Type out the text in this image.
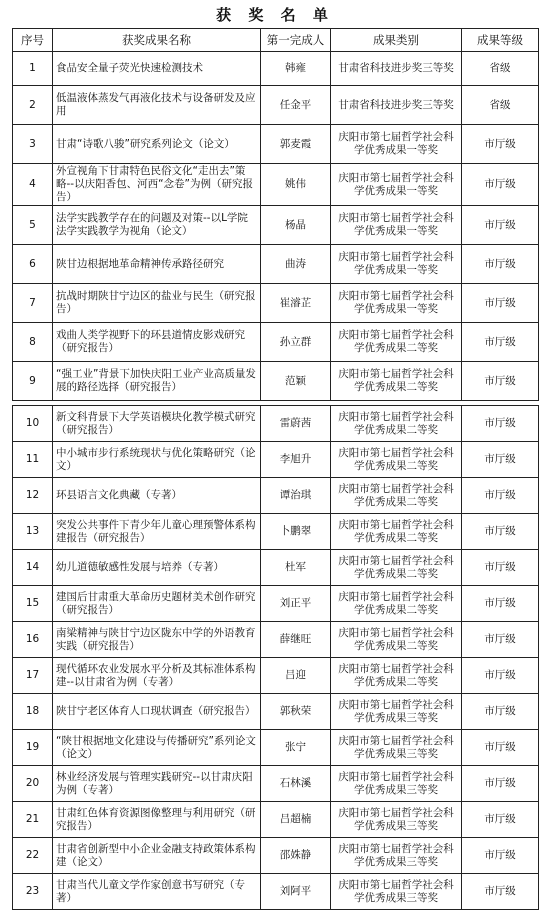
获 奖 名 单
序号	获奖成果名称	第一完成人	成果类别	成果等级
1	食品安全量子荧光快速检测技术	韩雍	甘肃省科技进步奖三等奖	省级
2	低温液体蒸发气再液化技术与设备研发及应用	任金平	甘肃省科技进步奖三等奖	省级
3	甘肃“诗歌八骏”研究系列论文（论文）	郭麦霞	庆阳市第七届哲学社会科学优秀成果一等奖	市厅级
4	外宣视角下甘肃特色民俗文化“走出去”策略--以庆阳香包、河西“念卷”为例（研究报告）	姚伟	庆阳市第七届哲学社会科学优秀成果一等奖	市厅级
5	法学实践教学存在的问题及对策--以L学院法学实践教学为视角（论文）	杨晶	庆阳市第七届哲学社会科学优秀成果一等奖	市厅级
6	陕甘边根据地革命精神传承路径研究	曲涛	庆阳市第七届哲学社会科学优秀成果一等奖	市厅级
7	抗战时期陕甘宁边区的盐业与民生（研究报告）	崔濬芷	庆阳市第七届哲学社会科学优秀成果一等奖	市厅级
8	戏曲人类学视野下的环县道情皮影戏研究（研究报告）	孙立群	庆阳市第七届哲学社会科学优秀成果二等奖	市厅级
9	“强工业”背景下加快庆阳工业产业高质量发展的路径选择（研究报告）	范颖	庆阳市第七届哲学社会科学优秀成果二等奖	市厅级
10	新文科背景下大学英语模块化教学模式研究（研究报告）	雷蔚茜	庆阳市第七届哲学社会科学优秀成果二等奖	市厅级
11	中小城市步行系统现状与优化策略研究（论文）	李旭升	庆阳市第七届哲学社会科学优秀成果二等奖	市厅级
12	环县语言文化典藏（专著）	谭治琪	庆阳市第七届哲学社会科学优秀成果二等奖	市厅级
13	突发公共事件下青少年儿童心理预警体系构建报告（研究报告）	卜鹏翠	庆阳市第七届哲学社会科学优秀成果二等奖	市厅级
14	幼儿道德敏感性发展与培养（专著）	杜军	庆阳市第七届哲学社会科学优秀成果二等奖	市厅级
15	建国后甘肃重大革命历史题材美术创作研究（研究报告）	刘正平	庆阳市第七届哲学社会科学优秀成果二等奖	市厅级
16	南梁精神与陕甘宁边区陇东中学的外语教育实践（研究报告）	薛继旺	庆阳市第七届哲学社会科学优秀成果二等奖	市厅级
17	现代循环农业发展水平分析及其标准体系构建--以甘肃省为例（专著）	吕迎	庆阳市第七届哲学社会科学优秀成果二等奖	市厅级
18	陕甘宁老区体育人口现状调查（研究报告）	郭秋荣	庆阳市第七届哲学社会科学优秀成果三等奖	市厅级
19	“陕甘根据地文化建设与传播研究”系列论文（论文）	张宁	庆阳市第七届哲学社会科学优秀成果三等奖	市厅级
20	林业经济发展与管理实践研究--以甘肃庆阳为例（专著）	石林溪	庆阳市第七届哲学社会科学优秀成果三等奖	市厅级
21	甘肃红色体育资源图像整理与利用研究（研究报告）	吕超楠	庆阳市第七届哲学社会科学优秀成果三等奖	市厅级
22	甘肃省创新型中小企业金融支持政策体系构建（论文）	邵姝静	庆阳市第七届哲学社会科学优秀成果三等奖	市厅级
23	甘肃当代儿童文学作家创意书写研究（专著）	刘阿平	庆阳市第七届哲学社会科学优秀成果三等奖	市厅级
